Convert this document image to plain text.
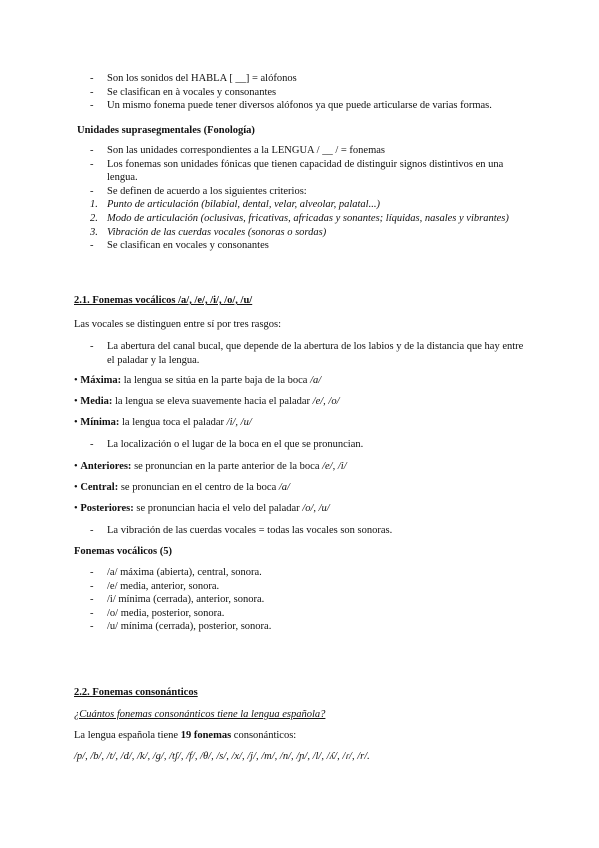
- Son los sonidos del HABLA [ __] = alófonos
- Se clasifican en à vocales y consonantes
- Un mismo fonema puede tener diversos alófonos ya que puede articularse de varias formas.
Unidades suprasegmentales (Fonología)
- Son las unidades correspondientes a la LENGUA / __ / = fonemas
- Los fonemas son unidades fónicas que tienen capacidad de distinguir signos distintivos en una lengua.
- Se definen de acuerdo a los siguientes criterios:
1. Punto de articulación (bilabial, dental, velar, alveolar, palatal...)
2. Modo de articulación (oclusivas, fricativas, africadas y sonantes; líquidas, nasales y vibrantes)
3. Vibración de las cuerdas vocales (sonoras o sordas)
- Se clasifican en vocales y consonantes
2.1. Fonemas vocálicos /a/, /e/, /i/, /o/, /u/
Las vocales se distinguen entre sí por tres rasgos:
- La abertura del canal bucal, que depende de la abertura de los labios y de la distancia que hay entre el paladar y la lengua.
• Máxima: la lengua se sitúa en la parte baja de la boca /a/
• Media: la lengua se eleva suavemente hacia el paladar /e/, /o/
• Mínima: la lengua toca el paladar /i/, /u/
- La localización o el lugar de la boca en el que se pronuncian.
• Anteriores: se pronuncian en la parte anterior de la boca /e/, /i/
• Central: se pronuncian en el centro de la boca /a/
• Posteriores: se pronuncian hacia el velo del paladar /o/, /u/
- La vibración de las cuerdas vocales = todas las vocales son sonoras.
Fonemas vocálicos (5)
- /a/ máxima (abierta), central, sonora.
- /e/ media, anterior, sonora.
- /i/ mínima (cerrada), anterior, sonora.
- /o/ media, posterior, sonora.
- /u/ mínima (cerrada), posterior, sonora.
2.2. Fonemas consonánticos
¿Cuántos fonemas consonánticos tiene la lengua española?
La lengua española tiene 19 fonemas consonánticos:
/p/, /b/, /t/, /d/, /k/, /g/, /tʃ/, /f/, /θ/, /s/, /x/, /j/, /m/, /n/, /ɲ/, /l/, /ʎ/, /ɾ/, /r/.
